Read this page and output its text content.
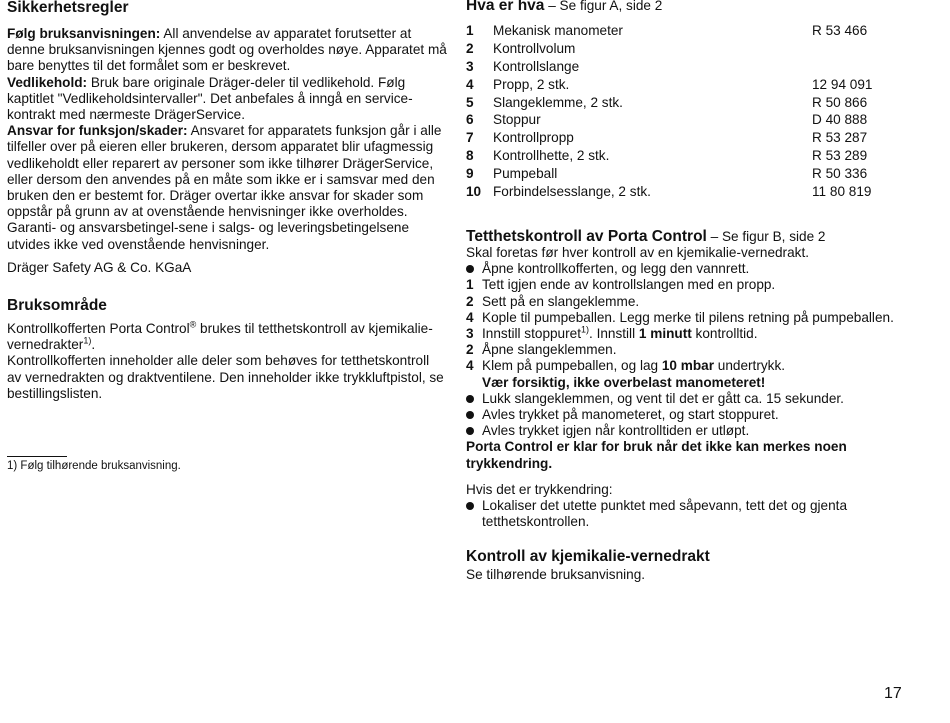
Sikkerhetsregler

Følg bruksanvisningen: All anvendelse av apparatet forutsetter at denne bruksanvisningen kjennes godt og overholdes nøye. Apparatet må bare benyttes til det formålet som er beskrevet.

Vedlikehold: Bruk bare originale Dräger-deler til vedlikehold. Følg kaptitlet "Vedlikeholdsintervaller". Det anbefales å inngå en service-kontrakt med nærmeste DrägerService.

Ansvar for funksjon/skader: Ansvaret for apparatets funksjon går i alle tilfeller over på eieren eller brukeren, dersom apparatet blir ufagmessig vedlikeholdt eller reparert av personer som ikke tilhører DrägerService, eller dersom den anvendes på en måte som ikke er i samsvar med den bruken den er bestemt for. Dräger overtar ikke ansvar for skader som oppstår på grunn av at ovenstående henvisninger ikke overholdes. Garanti- og ansvarsbetingel-sene i salgs- og leveringsbetingelsene utvides ikke ved ovenstående henvisninger.

Dräger Safety AG & Co. KGaA

Bruksområde

Kontrollkofferten Porta Control® brukes til tetthetskontroll av kjemikalie-vernedrakter$^{1)}$.

Kontrollkofferten inneholder alle deler som behøves for tetthetskontroll av vernedrakten og draktventilene. Den inneholder ikke trykkluftpistol, se bestillingslisten.

1) Følg tilhørende bruksanvisning.

Hva er hva – Se figur A, side 2
1	Mekanisk manometer	R 53 466
2	Kontrollvolum	
3	Kontrollslange	
4	Propp, 2 stk.	12 94 091
5	Slangeklemme, 2 stk.	R 50 866
6	Stoppur	D 40 888
7	Kontrollpropp	R 53 287
8	Kontrollhette, 2 stk.	R 53 289
9	Pumpeball	R 50 336
10	Forbindelsesslange, 2 stk.	11 80 819
Tetthetskontroll av Porta Control – Se figur B, side 2

Skal foretas før hver kontroll av en kjemikalie-vernedrakt.

Åpne kontrollkofferten, og legg den vannrett.
1 Tett igjen ende av kontrollslangen med en propp.
2 Sett på en slangeklemme.
4 Kople til pumpeballen. Legg merke til pilens retning på pumpeballen.
3 Innstill stoppuret$^{1)}$. Innstill 1 minutt kontrolltid.
2 Åpne slangeklemmen.
4 Klem på pumpeballen, og lag 10 mbar undertrykk.

Vær forsiktig, ikke overbelast manometeret!

Lukk slangeklemmen, og vent til det er gått ca. 15 sekunder.
Avles trykket på manometeret, og start stoppuret.
Avles trykket igjen når kontrolltiden er utløpt.

Porta Control er klar for bruk når det ikke kan merkes noen trykkendring.

Hvis det er trykkendring:

Lokaliser det utette punktet med såpevann, tett det og gjenta tetthetskontrollen.
Kontroll av kjemikalie-vernedrakt

Se tilhørende bruksanvisning.

17
